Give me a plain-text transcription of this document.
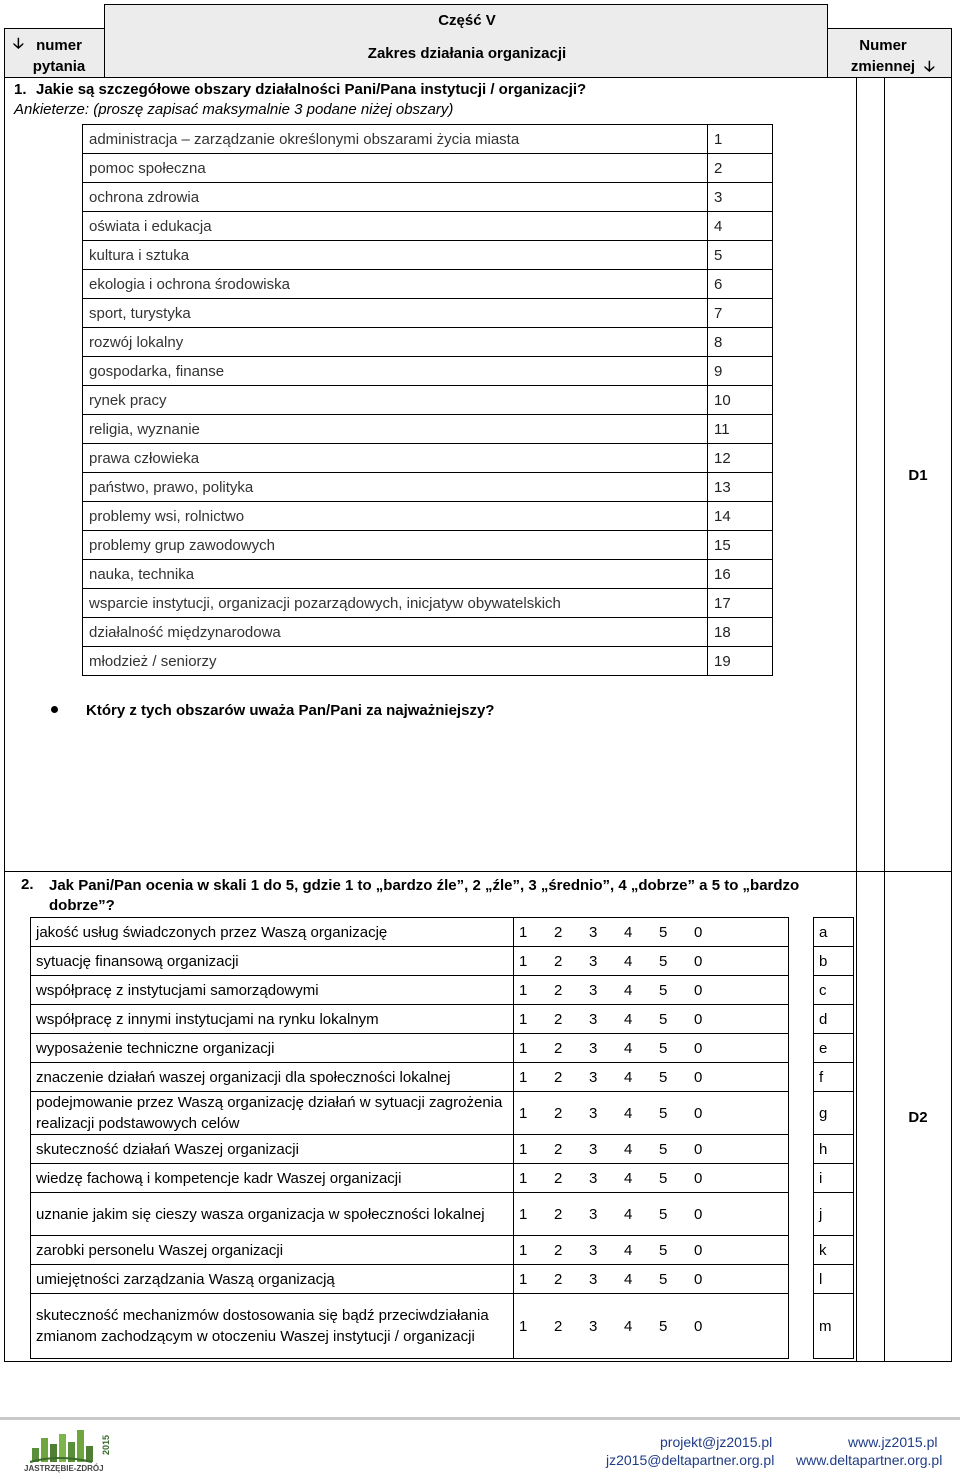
🡣 numer pytania
Część V
Zakres działania organizacji	Numer zmiennej 🡣
1. Jakie są szczegółowe obszary działalności Pani/Pana instytucji / organizacji?
Ankieterze: (proszę zapisać maksymalnie 3 podane niżej obszary)
administracja – zarządzanie określonymi obszarami życia miasta	1
pomoc społeczna	2
ochrona zdrowia	3
oświata i edukacja	4
kultura i sztuka	5
ekologia i ochrona środowiska	6
sport, turystyka	7
rozwój lokalny	8
gospodarka, finanse	9
rynek pracy	10
religia, wyznanie	11
prawa człowieka	12
państwo, prawo, polityka	13
problemy wsi, rolnictwo	14
problemy grup zawodowych	15
nauka, technika	16
wsparcie instytucji, organizacji pozarządowych, inicjatyw obywatelskich	17
działalność międzynarodowa	18
młodzież / seniorzy	19
Który z tych obszarów uważa Pan/Pani za najważniejszy?
D1
2. Jak Pani/Pan ocenia w skali 1 do 5, gdzie 1 to „bardzo źle”, 2 „źle”, 3 „średnio”, 4 „dobrze” a 5 to „bardzo
dobrze”?
jakość usług świadczonych przez Waszą organizację	1 2 3 4 5 0		a
sytuację finansową organizacji	1 2 3 4 5 0		b
współpracę z instytucjami samorządowymi	1 2 3 4 5 0		c
współpracę z innymi instytucjami na rynku lokalnym	1 2 3 4 5 0		d
wyposażenie techniczne organizacji	1 2 3 4 5 0		e
znaczenie działań waszej organizacji dla społeczności lokalnej	1 2 3 4 5 0		f
podejmowanie przez Waszą organizację działań w sytuacji zagrożenia realizacji podstawowych celów	1 2 3 4 5 0		g
skuteczność działań Waszej organizacji	1 2 3 4 5 0		h
wiedzę fachową i kompetencje kadr Waszej organizacji	1 2 3 4 5 0		i
uznanie jakim się cieszy wasza organizacja w społeczności lokalnej	1 2 3 4 5 0		j
zarobki personelu Waszej organizacji	1 2 3 4 5 0		k
umiejętności zarządzania Waszą organizacją	1 2 3 4 5 0		l
skuteczność mechanizmów dostosowania się bądź przeciwdziałania zmianom zachodzącym w otoczeniu Waszej instytucji / organizacji	1 2 3 4 5 0		m
D2
JASTRZĘBIE-ZDRÓJ
2015	projekt@jz2015.pl
jz2015@deltapartner.org.pl
www.jz2015.pl
www.deltapartner.org.pl
